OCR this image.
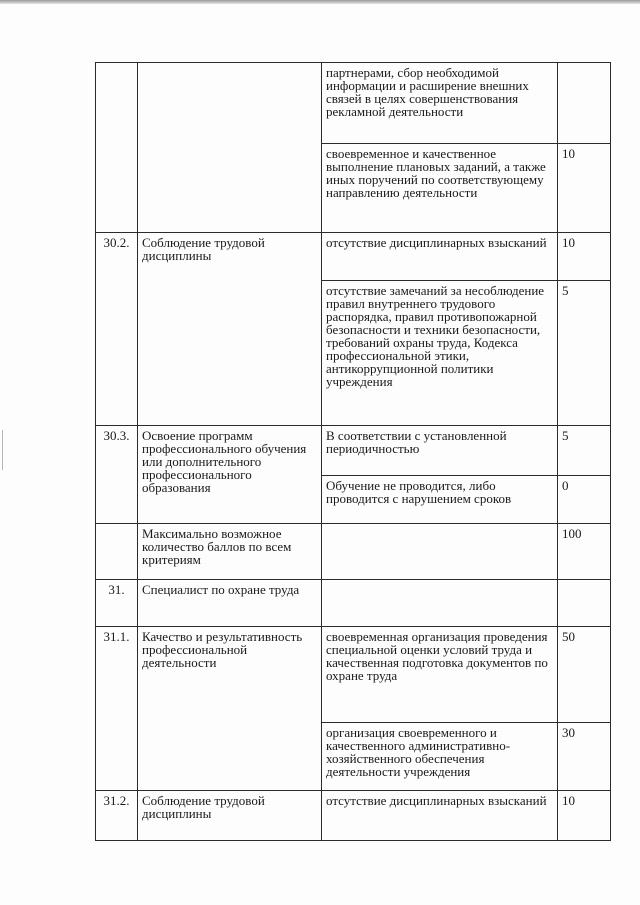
		партнерами, сбор необходимой информации и расширение внешних связей в целях совершенствования рекламной деятельности	
		своевременное и качественное выполнение плановых заданий, а также иных поручений по соответствующему направлению деятельности	10
30.2.	Соблюдение трудовой дисциплины	отсутствие дисциплинарных взысканий	10
		отсутствие замечаний за несоблюдение правил внутреннего трудового распорядка, правил противопожарной безопасности и техники безопасности, требований охраны труда, Кодекса профессиональной этики, антикоррупционной политики учреждения	5
30.3.	Освоение программ профессионального обучения или дополнительного профессионального образования	В соответствии с установленной периодичностью	5
		Обучение не проводится, либо проводится с нарушением сроков	0
	Максимально возможное количество баллов по всем критериям		100
31.	Специалист по охране труда		
31.1.	Качество и результативность профессиональной деятельности	своевременная организация проведения специальной оценки условий труда и качественная подготовка документов по охране труда	50
		организация своевременного и качественного административно-хозяйственного обеспечения деятельности учреждения	30
31.2.	Соблюдение трудовой дисциплины	отсутствие дисциплинарных взысканий	10
